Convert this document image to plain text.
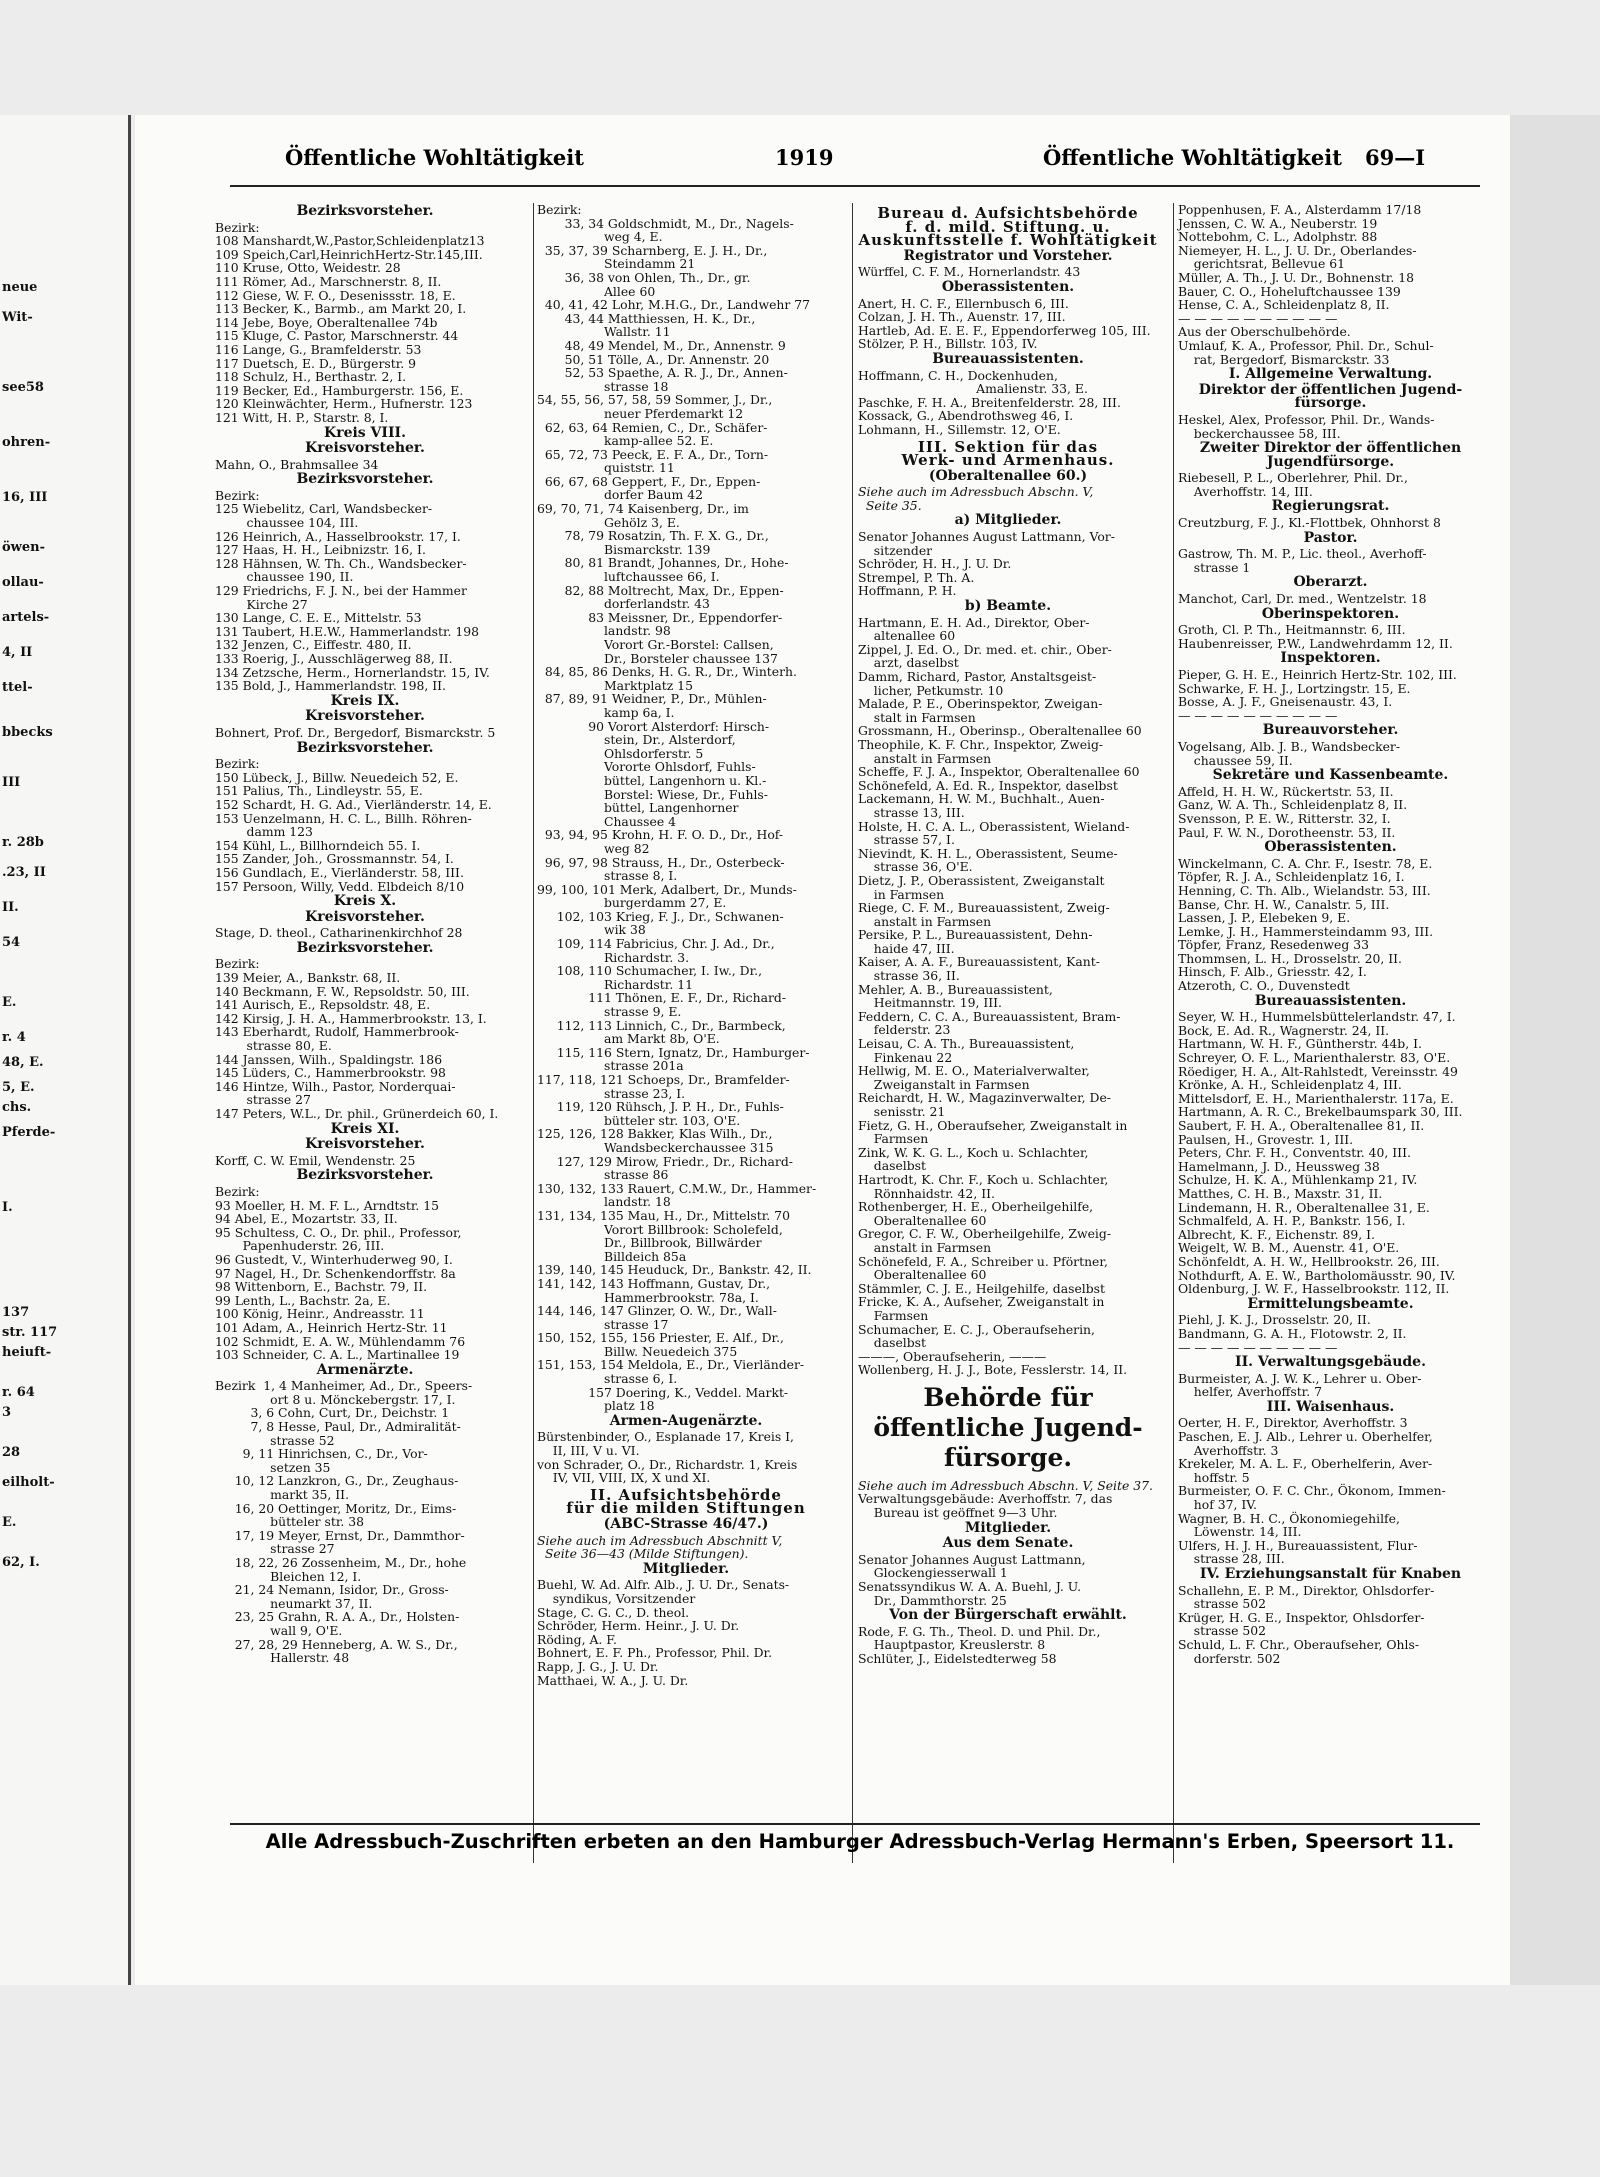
neue
Wit-
see58
ohren-
16, III
öwen-
ollau-
artels-
4, II
ttel-
bbecks
III
r. 28b
.23, II
II.
54
E.
r. 4
48, E.
5, E.
chs.
Pferde-
I.
137
str. 117
heiuft-
r. 64
3
28
eilholt-
E.
62, I.
Öffentliche Wohltätigkeit	1919	Öffentliche Wohltätigkeit 69—I
Bezirksvorsteher.
Bezirk:
108 Manshardt,W.,Pastor,Schleidenplatz13
109 Speich,Carl,HeinrichHertz-Str.145,III.
110 Kruse, Otto, Weidestr. 28
111 Römer, Ad., Marschnerstr. 8, II.
112 Giese, W. F. O., Desenissstr. 18, E.
113 Becker, K., Barmb., am Markt 20, I.
114 Jebe, Boye, Oberaltenallee 74b
115 Kluge, C. Pastor, Marschnerstr. 44
116 Lange, G., Bramfelderstr. 53
117 Duetsch, E. D., Bürgerstr. 9
118 Schulz, H., Berthastr. 2, I.
119 Becker, Ed., Hamburgerstr. 156, E.
120 Kleinwächter, Herm., Hufnerstr. 123
121 Witt, H. P., Starstr. 8, I.
Kreis VIII.
Kreisvorsteher.
Mahn, O., Brahmsallee 34
Bezirksvorsteher.
Bezirk:
125 Wiebelitz, Carl, Wandsbecker-
chaussee 104, III.
126 Heinrich, A., Hasselbrookstr. 17, I.
127 Haas, H. H., Leibnizstr. 16, I.
128 Hähnsen, W. Th. Ch., Wandsbecker-
chaussee 190, II.
129 Friedrichs, F. J. N., bei der Hammer
Kirche 27
130 Lange, C. E. E., Mittelstr. 53
131 Taubert, H.E.W., Hammerlandstr. 198
132 Jenzen, C., Eiffestr. 480, II.
133 Roerig, J., Ausschlägerweg 88, II.
134 Zetzsche, Herm., Hornerlandstr. 15, IV.
135 Bold, J., Hammerlandstr. 198, II.
Kreis IX.
Kreisvorsteher.
Bohnert, Prof. Dr., Bergedorf, Bismarckstr. 5
Bezirksvorsteher.
Bezirk:
150 Lübeck, J., Billw. Neuedeich 52, E.
151 Palius, Th., Lindleystr. 55, E.
152 Schardt, H. G. Ad., Vierländerstr. 14, E.
153 Uenzelmann, H. C. L., Billh. Röhren-
damm 123
154 Kühl, L., Billhorndeich 55. I.
155 Zander, Joh., Grossmannstr. 54, I.
156 Gundlach, E., Vierländerstr. 58, III.
157 Persoon, Willy, Vedd. Elbdeich 8/10
Kreis X.
Kreisvorsteher.
Stage, D. theol., Catharinenkirchhof 28
Bezirksvorsteher.
Bezirk:
139 Meier, A., Bankstr. 68, II.
140 Beckmann, F. W., Repsoldstr. 50, III.
141 Aurisch, E., Repsoldstr. 48, E.
142 Kirsig, J. H. A., Hammerbrookstr. 13, I.
143 Eberhardt, Rudolf, Hammerbrook-
strasse 80, E.
144 Janssen, Wilh., Spaldingstr. 186
145 Lüders, C., Hammerbrookstr. 98
146 Hintze, Wilh., Pastor, Norderquai-
strasse 27
147 Peters, W.L., Dr. phil., Grünerdeich 60, I.
Kreis XI.
Kreisvorsteher.
Korff, C. W. Emil, Wendenstr. 25
Bezirksvorsteher.
Bezirk:
93 Moeller, H. M. F. L., Arndtstr. 15
94 Abel, E., Mozartstr. 33, II.
95 Schultess, C. O., Dr. phil., Professor,
Papenhuderstr. 26, III.
96 Gustedt, V., Winterhuderweg 90, I.
97 Nagel, H., Dr. Schenkendorffstr. 8a
98 Wittenborn, E., Bachstr. 79, II.
99 Lenth, L., Bachstr. 2a, E.
100 König, Heinr., Andreasstr. 11
101 Adam, A., Heinrich Hertz-Str. 11
102 Schmidt, E. A. W., Mühlendamm 76
103 Schneider, C. A. L., Martinallee 19
Armenärzte.
Bezirk  1, 4 Manheimer, Ad., Dr., Speers-
ort 8 u. Mönckebergstr. 17, I.
3, 6 Cohn, Curt, Dr., Deichstr. 1
7, 8 Hesse, Paul, Dr., Admiralität-
strasse 52
9, 11 Hinrichsen, C., Dr., Vor-
setzen 35
10, 12 Lanzkron, G., Dr., Zeughaus-
markt 35, II.
16, 20 Oettinger, Moritz, Dr., Eims-
bütteler str. 38
17, 19 Meyer, Ernst, Dr., Dammthor-
strasse 27
18, 22, 26 Zossenheim, M., Dr., hohe
Bleichen 12, I.
21, 24 Nemann, Isidor, Dr., Gross-
neumarkt 37, II.
23, 25 Grahn, R. A. A., Dr., Holsten-
wall 9, O'E.
27, 28, 29 Henneberg, A. W. S., Dr.,
Hallerstr. 48
Bezirk:
33, 34 Goldschmidt, M., Dr., Nagels-
weg 4, E.
35, 37, 39 Scharnberg, E. J. H., Dr.,
Steindamm 21
36, 38 von Ohlen, Th., Dr., gr.
Allee 60
40, 41, 42 Lohr, M.H.G., Dr., Landwehr 77
43, 44 Matthiessen, H. K., Dr.,
Wallstr. 11
48, 49 Mendel, M., Dr., Annenstr. 9
50, 51 Tölle, A., Dr. Annenstr. 20
52, 53 Spaethe, A. R. J., Dr., Annen-
strasse 18
54, 55, 56, 57, 58, 59 Sommer, J., Dr.,
neuer Pferdemarkt 12
62, 63, 64 Remien, C., Dr., Schäfer-
kamp-allee 52. E.
65, 72, 73 Peeck, E. F. A., Dr., Torn-
quiststr. 11
66, 67, 68 Geppert, F., Dr., Eppen-
dorfer Baum 42
69, 70, 71, 74 Kaisenberg, Dr., im
Gehölz 3, E.
78, 79 Rosatzin, Th. F. X. G., Dr.,
Bismarckstr. 139
80, 81 Brandt, Johannes, Dr., Hohe-
luftchaussee 66, I.
82, 88 Moltrecht, Max, Dr., Eppen-
dorferlandstr. 43
83 Meissner, Dr., Eppendorfer-
landstr. 98
Vorort Gr.-Borstel: Callsen,
Dr., Borsteler chaussee 137
84, 85, 86 Denks, H. G. R., Dr., Winterh.
Marktplatz 15
87, 89, 91 Weidner, P., Dr., Mühlen-
kamp 6a, I.
90 Vorort Alsterdorf: Hirsch-
stein, Dr., Alsterdorf,
Ohlsdorferstr. 5
Vororte Ohlsdorf, Fuhls-
büttel, Langenhorn u. Kl.-
Borstel: Wiese, Dr., Fuhls-
büttel, Langenhorner
Chaussee 4
93, 94, 95 Krohn, H. F. O. D., Dr., Hof-
weg 82
96, 97, 98 Strauss, H., Dr., Osterbeck-
strasse 8, I.
99, 100, 101 Merk, Adalbert, Dr., Munds-
burgerdamm 27, E.
102, 103 Krieg, F. J., Dr., Schwanen-
wik 38
109, 114 Fabricius, Chr. J. Ad., Dr.,
Richardstr. 3.
108, 110 Schumacher, I. Iw., Dr.,
Richardstr. 11
111 Thönen, E. F., Dr., Richard-
strasse 9, E.
112, 113 Linnich, C., Dr., Barmbeck,
am Markt 8b, O'E.
115, 116 Stern, Ignatz, Dr., Hamburger-
strasse 201a
117, 118, 121 Schoeps, Dr., Bramfelder-
strasse 23, I.
119, 120 Rühsch, J. P. H., Dr., Fuhls-
bütteler str. 103, O'E.
125, 126, 128 Bakker, Klas Wilh., Dr.,
Wandsbeckerchaussee 315
127, 129 Mirow, Friedr., Dr., Richard-
strasse 86
130, 132, 133 Rauert, C.M.W., Dr., Hammer-
landstr. 18
131, 134, 135 Mau, H., Dr., Mittelstr. 70
Vorort Billbrook: Scholefeld,
Dr., Billbrook, Billwärder
Billdeich 85a
139, 140, 145 Heuduck, Dr., Bankstr. 42, II.
141, 142, 143 Hoffmann, Gustav, Dr.,
Hammerbrookstr. 78a, I.
144, 146, 147 Glinzer, O. W., Dr., Wall-
strasse 17
150, 152, 155, 156 Priester, E. Alf., Dr.,
Billw. Neuedeich 375
151, 153, 154 Meldola, E., Dr., Vierländer-
strasse 6, I.
157 Doering, K., Veddel. Markt-
platz 18
Armen-Augenärzte.
Bürstenbinder, O., Esplanade 17, Kreis I,
II, III, V u. VI.
von Schrader, O., Dr., Richardstr. 1, Kreis
IV, VII, VIII, IX, X und XI.
II. Aufsichtsbehörde
für die milden Stiftungen
(ABC-Strasse 46/47.)
Siehe auch im Adressbuch Abschnitt V,
Seite 36—43 (Milde Stiftungen).
Mitglieder.
Buehl, W. Ad. Alfr. Alb., J. U. Dr., Senats-
syndikus, Vorsitzender
Stage, C. G. C., D. theol.
Schröder, Herm. Heinr., J. U. Dr.
Röding, A. F.
Bohnert, E. F. Ph., Professor, Phil. Dr.
Rapp, J. G., J. U. Dr.
Matthaei, W. A., J. U. Dr.
Bureau d. Aufsichtsbehörde
f. d. mild. Stiftung. u.
Auskunftsstelle f. Wohltätigkeit
Registrator und Vorsteher.
Würffel, C. F. M., Hornerlandstr. 43
Oberassistenten.
Anert, H. C. F., Ellernbusch 6, III.
Colzan, J. H. Th., Auenstr. 17, III.
Hartleb, Ad. E. E. F., Eppendorferweg 105, III.
Stölzer, P. H., Billstr. 103, IV.
Bureauassistenten.
Hoffmann, C. H., Dockenhuden,
Amalienstr. 33, E.
Paschke, F. H. A., Breitenfelderstr. 28, III.
Kossack, G., Abendrothsweg 46, I.
Lohmann, H., Sillemstr. 12, O'E.
III. Sektion für das
Werk- und Armenhaus.
(Oberaltenallee 60.)
Siehe auch im Adressbuch Abschn. V,
Seite 35.
a) Mitglieder.
Senator Johannes August Lattmann, Vor-
sitzender
Schröder, H. H., J. U. Dr.
Strempel, P. Th. A.
Hoffmann, P. H.
b) Beamte.
Hartmann, E. H. Ad., Direktor, Ober-
altenallee 60
Zippel, J. Ed. O., Dr. med. et. chir., Ober-
arzt, daselbst
Damm, Richard, Pastor, Anstaltsgeist-
licher, Petkumstr. 10
Malade, P. E., Oberinspektor, Zweigan-
stalt in Farmsen
Grossmann, H., Oberinsp., Oberaltenallee 60
Theophile, K. F. Chr., Inspektor, Zweig-
anstalt in Farmsen
Scheffe, F. J. A., Inspektor, Oberaltenallee 60
Schönefeld, A. Ed. R., Inspektor, daselbst
Lackemann, H. W. M., Buchhalt., Auen-
strasse 13, III.
Holste, H. C. A. L., Oberassistent, Wieland-
strasse 57, I.
Nievindt, K. H. L., Oberassistent, Seume-
strasse 36, O'E.
Dietz, J. P., Oberassistent, Zweiganstalt
in Farmsen
Riege, C. F. M., Bureauassistent, Zweig-
anstalt in Farmsen
Persike, P. L., Bureauassistent, Dehn-
haide 47, III.
Kaiser, A. A. F., Bureauassistent, Kant-
strasse 36, II.
Mehler, A. B., Bureauassistent,
Heitmannstr. 19, III.
Feddern, C. C. A., Bureauassistent, Bram-
felderstr. 23
Leisau, C. A. Th., Bureauassistent,
Finkenau 22
Hellwig, M. E. O., Materialverwalter,
Zweiganstalt in Farmsen
Reichardt, H. W., Magazinverwalter, De-
senisstr. 21
Fietz, G. H., Oberaufseher, Zweiganstalt in
Farmsen
Zink, W. K. G. L., Koch u. Schlachter,
daselbst
Hartrodt, K. Chr. F., Koch u. Schlachter,
Rönnhaidstr. 42, II.
Rothenberger, H. E., Oberheilgehilfe,
Oberaltenallee 60
Gregor, C. F. W., Oberheilgehilfe, Zweig-
anstalt in Farmsen
Schönefeld, F. A., Schreiber u. Pförtner,
Oberaltenallee 60
Stämmler, C. J. E., Heilgehilfe, daselbst
Fricke, K. A., Aufseher, Zweiganstalt in
Farmsen
Schumacher, E. C. J., Oberaufseherin,
daselbst
———, Oberaufseherin, ———
Wollenberg, H. J. J., Bote, Fesslerstr. 14, II.
Behörde für
öffentliche Jugend-
fürsorge.
Siehe auch im Adressbuch Abschn. V, Seite 37.
Verwaltungsgebäude: Averhoffstr. 7, das
Bureau ist geöffnet 9—3 Uhr.
Mitglieder.
Aus dem Senate.
Senator Johannes August Lattmann,
Glockengiesserwall 1
Senatssyndikus W. A. A. Buehl, J. U.
Dr., Dammthorstr. 25
Von der Bürgerschaft erwählt.
Rode, F. G. Th., Theol. D. und Phil. Dr.,
Hauptpastor, Kreuslerstr. 8
Schlüter, J., Eidelstedterweg 58
Poppenhusen, F. A., Alsterdamm 17/18
Jenssen, C. W. A., Neuberstr. 19
Nottebohm, C. L., Adolphstr. 88
Niemeyer, H. L., J. U. Dr., Oberlandes-
gerichtsrat, Bellevue 61
Müller, A. Th., J. U. Dr., Bohnenstr. 18
Bauer, C. O., Hoheluftchaussee 139
Hense, C. A., Schleidenplatz 8, II.
— — — — — — — — — —
Aus der Oberschulbehörde.
Umlauf, K. A., Professor, Phil. Dr., Schul-
rat, Bergedorf, Bismarckstr. 33
I. Allgemeine Verwaltung.
Direktor der öffentlichen Jugend-
fürsorge.
Heskel, Alex, Professor, Phil. Dr., Wands-
beckerchaussee 58, III.
Zweiter Direktor der öffentlichen
Jugendfürsorge.
Riebesell, P. L., Oberlehrer, Phil. Dr.,
Averhoffstr. 14, III.
Regierungsrat.
Creutzburg, F. J., Kl.-Flottbek, Ohnhorst 8
Pastor.
Gastrow, Th. M. P., Lic. theol., Averhoff-
strasse 1
Oberarzt.
Manchot, Carl, Dr. med., Wentzelstr. 18
Oberinspektoren.
Groth, Cl. P. Th., Heitmannstr. 6, III.
Haubenreisser, P.W., Landwehrdamm 12, II.
Inspektoren.
Pieper, G. H. E., Heinrich Hertz-Str. 102, III.
Schwarke, F. H. J., Lortzingstr. 15, E.
Bosse, A. J. F., Gneisenaustr. 43, I.
— — — — — — — — — —
Bureauvorsteher.
Vogelsang, Alb. J. B., Wandsbecker-
chaussee 59, II.
Sekretäre und Kassenbeamte.
Affeld, H. H. W., Rückertstr. 53, II.
Ganz, W. A. Th., Schleidenplatz 8, II.
Svensson, P. E. W., Ritterstr. 32, I.
Paul, F. W. N., Dorotheenstr. 53, II.
Oberassistenten.
Winckelmann, C. A. Chr. F., Isestr. 78, E.
Töpfer, R. J. A., Schleidenplatz 16, I.
Henning, C. Th. Alb., Wielandstr. 53, III.
Banse, Chr. H. W., Canalstr. 5, III.
Lassen, J. P., Elebeken 9, E.
Lemke, J. H., Hammersteindamm 93, III.
Töpfer, Franz, Resedenweg 33
Thommsen, L. H., Drosselstr. 20, II.
Hinsch, F. Alb., Griesstr. 42, I.
Atzeroth, C. O., Duvenstedt
Bureauassistenten.
Seyer, W. H., Hummelsbüttelerlandstr. 47, I.
Bock, E. Ad. R., Wagnerstr. 24, II.
Hartmann, W. H. F., Güntherstr. 44b, I.
Schreyer, O. F. L., Marienthalerstr. 83, O'E.
Röediger, H. A., Alt-Rahlstedt, Vereinsstr. 49
Krönke, A. H., Schleidenplatz 4, III.
Mittelsdorf, E. H., Marienthalerstr. 117a, E.
Hartmann, A. R. C., Brekelbaumspark 30, III.
Saubert, F. H. A., Oberaltenallee 81, II.
Paulsen, H., Grovestr. 1, III.
Peters, Chr. F. H., Conventstr. 40, III.
Hamelmann, J. D., Heussweg 38
Schulze, H. K. A., Mühlenkamp 21, IV.
Matthes, C. H. B., Maxstr. 31, II.
Lindemann, H. R., Oberaltenallee 31, E.
Schmalfeld, A. H. P., Bankstr. 156, I.
Albrecht, K. F., Eichenstr. 89, I.
Weigelt, W. B. M., Auenstr. 41, O'E.
Schönfeldt, A. H. W., Hellbrookstr. 26, III.
Nothdurft, A. E. W., Bartholomäusstr. 90, IV.
Oldenburg, J. W. F., Hasselbrookstr. 112, II.
Ermittelungsbeamte.
Piehl, J. K. J., Drosselstr. 20, II.
Bandmann, G. A. H., Flotowstr. 2, II.
— — — — — — — — — —
II. Verwaltungsgebäude.
Burmeister, A. J. W. K., Lehrer u. Ober-
helfer, Averhoffstr. 7
III. Waisenhaus.
Oerter, H. F., Direktor, Averhoffstr. 3
Paschen, E. J. Alb., Lehrer u. Oberhelfer,
Averhoffstr. 3
Krekeler, M. A. L. F., Oberhelferin, Aver-
hoffstr. 5
Burmeister, O. F. C. Chr., Ökonom, Immen-
hof 37, IV.
Wagner, B. H. C., Ökonomiegehilfe,
Löwenstr. 14, III.
Ulfers, H. J. H., Bureauassistent, Flur-
strasse 28, III.
IV. Erziehungsanstalt für Knaben
Schallehn, E. P. M., Direktor, Ohlsdorfer-
strasse 502
Krüger, H. G. E., Inspektor, Ohlsdorfer-
strasse 502
Schuld, L. F. Chr., Oberaufseher, Ohls-
dorferstr. 502
Alle Adressbuch-Zuschriften erbeten an den Hamburger Adressbuch-Verlag Hermann's Erben, Speersort 11.
